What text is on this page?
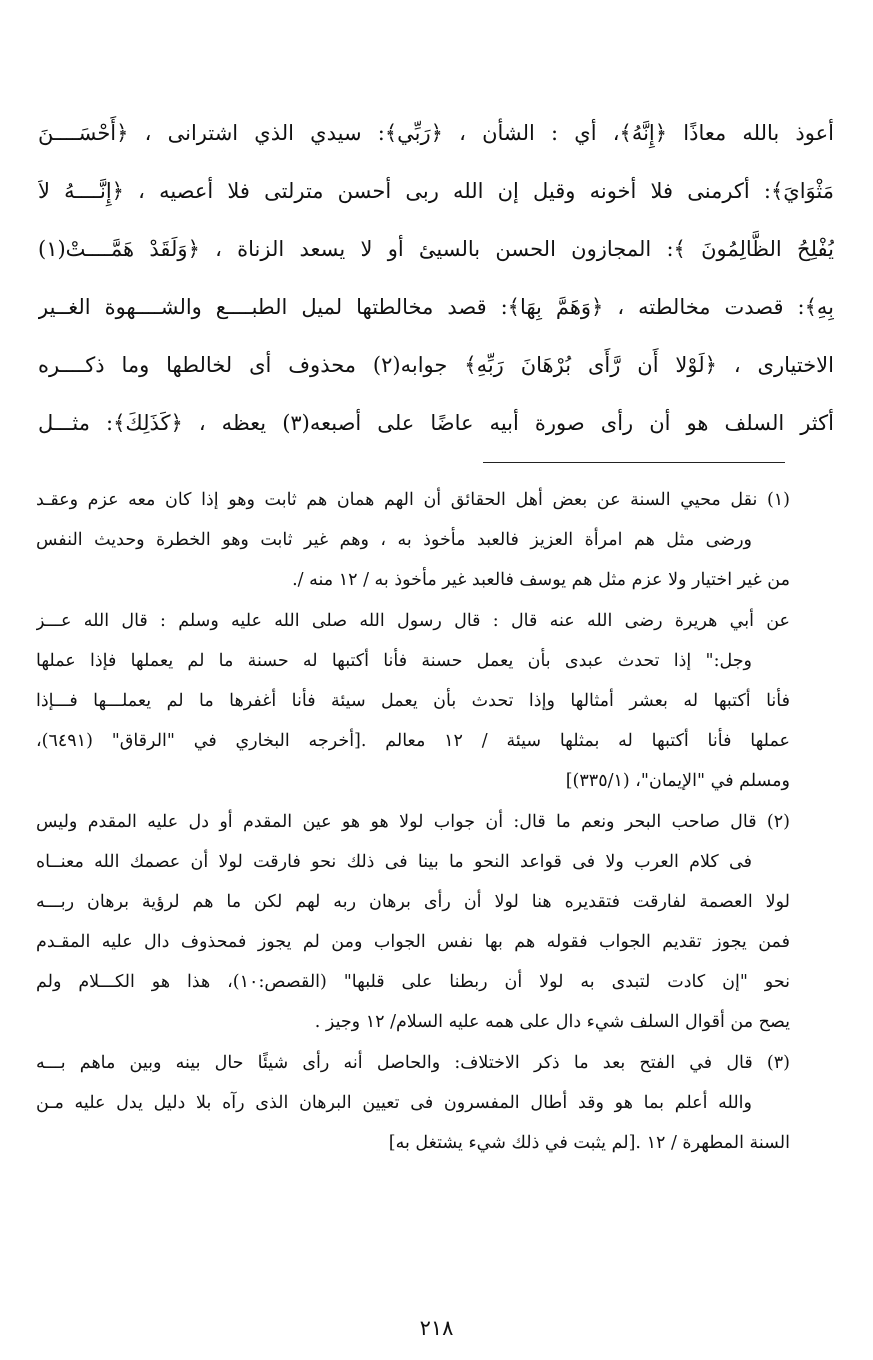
أعوذ بالله معاذًا ﴿إِنَّهُ﴾، أي : الشأن ، ﴿رَبِّي﴾: سيدي الذي اشترانى ، ﴿أَحْسَــــنَ
مَثْوَايَ﴾: أكرمنى فلا أخونه وقيل إن الله ربى أحسن مترلتى فلا أعصيه ، ﴿إِنَّــــهُ لاَ
يُفْلِحُ الظَّالِمُونَ ﴾: المجازون الحسن بالسيئ أو لا يسعد الزناة ، ﴿وَلَقَدْ هَمَّــــتْ(١)
بِهِ﴾: قصدت مخالطته ، ﴿وَهَمَّ بِهَا﴾: قصد مخالطتها لميل الطبــــع والشــــهوة الغــير
الاختيارى ، ﴿لَوْلا أَن رَّأَى بُرْهَانَ رَبِّهِ﴾ جوابه(٢) محذوف أى لخالطها وما ذكــــره
أكثر السلف هو أن رأى صورة أبيه عاضًا على أصبعه(٣) يعظه ، ﴿كَذَلِكَ﴾: مثـــل
(١) نقل محيي السنة عن بعض أهل الحقائق أن الهم همان هم ثابت وهو إذا كان معه عزم وعقـد
ورضى مثل هم امرأة العزيز فالعبد مأخوذ به ، وهم غير ثابت وهو الخطرة وحديث النفس
من غير اختيار ولا عزم مثل هم يوسف فالعبد غير مأخوذ به / ١٢ منه /.
عن أبي هريرة رضى الله عنه قال : قال رسول الله صلى الله عليه وسلم : قال الله عـــز
وجل:" إذا تحدث عبدى بأن يعمل حسنة فأنا أكتبها له حسنة ما لم يعملها فإذا عملها
فأنا أكتبها له بعشر أمثالها وإذا تحدث بأن يعمل سيئة فأنا أغفرها ما لم يعملـــها فـــإذا
عملها فأنا أكتبها له بمثلها سيئة / ١٢ معالم .[أخرجه البخاري في "الرقاق" (٦٤٩١)،
ومسلم في "الإيمان"، (٣٣٥/١)]
(٢) قال صاحب البحر ونعم ما قال: أن جواب لولا هو هو عين المقدم أو دل عليه المقدم وليس
فى كلام العرب ولا فى قواعد النحو ما بينا فى ذلك نحو فارقت لولا أن عصمك الله معنــاه
لولا العصمة لفارقت فتقديره هنا لولا أن رأى برهان ربه لهم لكن ما هم لرؤية برهان ربـــه
فمن يجوز تقديم الجواب فقوله هم بها نفس الجواب ومن لم يجوز فمحذوف دال عليه المقـدم
نحو "إن كادت لتبدى به لولا أن ربطنا على قلبها" (القصص:١٠)، هذا هو الكـــلام ولم
يصح من أقوال السلف شيء دال على همه عليه السلام/ ١٢ وجيز .
(٣) قال في الفتح بعد ما ذكر الاختلاف: والحاصل أنه رأى شيئًا حال بينه وبين ماهم بـــه
والله أعلم بما هو وقد أطال المفسرون فى تعيين البرهان الذى رآه بلا دليل يدل عليه مـن
السنة المطهرة / ١٢ .[لم يثبت في ذلك شيء يشتغل به]
٢١٨
